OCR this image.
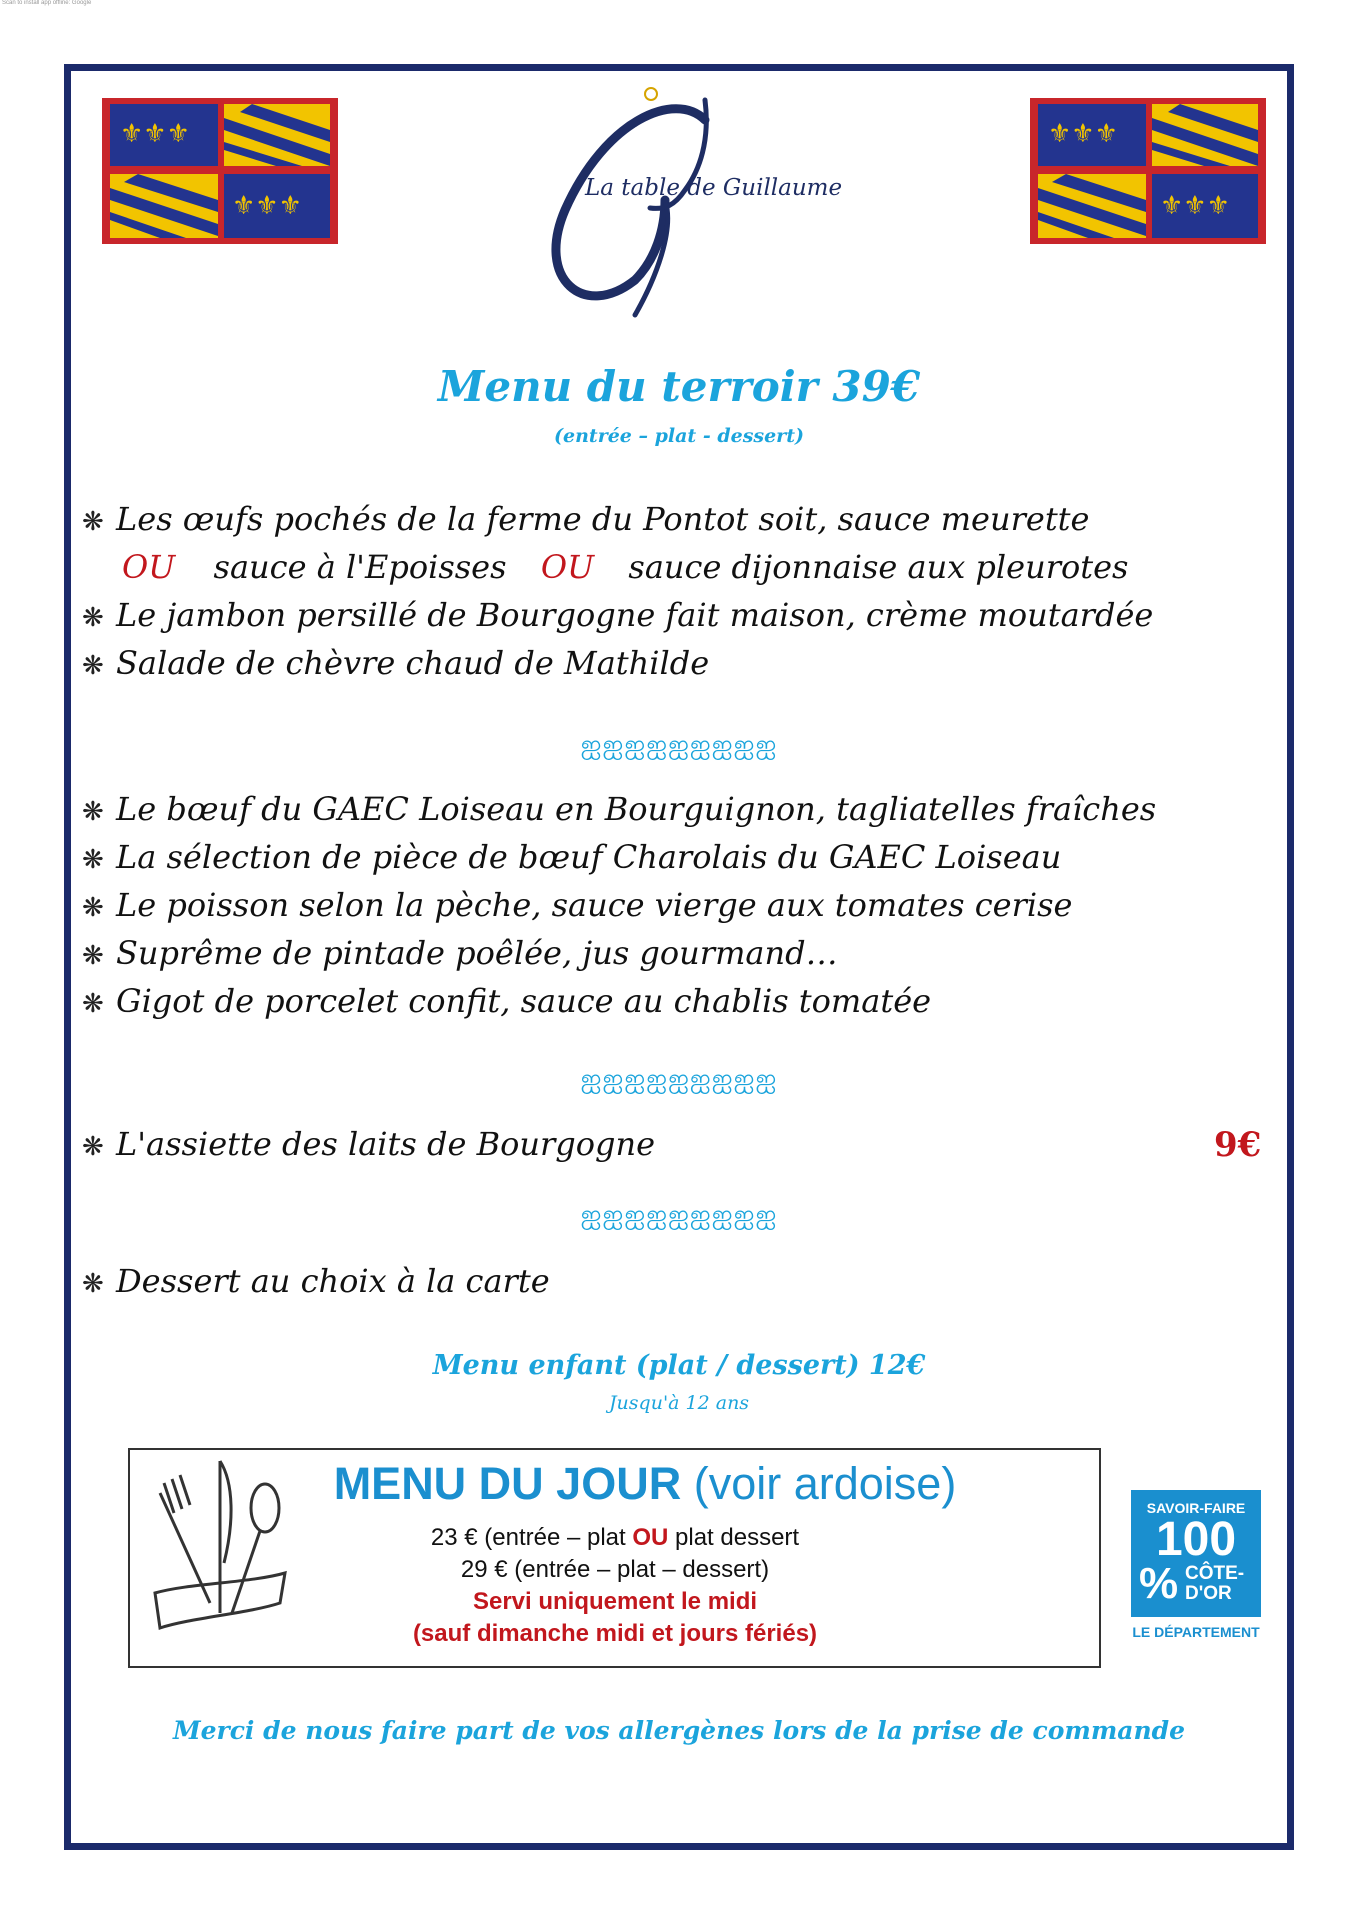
Scan to install app offline: Google
⚜⚜⚜
⚜⚜⚜
⚜⚜⚜
⚜⚜⚜
La table de Guillaume
Menu du terroir 39€
(entrée – plat - dessert)
❋ Les œufs pochés de la ferme du Pontot soit, sauce meurette
OU sauce à l'Epoisses OU sauce dijonnaise aux pleurotes
❋ Le jambon persillé de Bourgogne fait maison, crème moutardée
❋ Salade de chèvre chaud de Mathilde
ஐஐஐஐஐஐஐஐஐ
❋ Le bœuf du GAEC Loiseau en Bourguignon, tagliatelles fraîches
❋ La sélection de pièce de bœuf Charolais du GAEC Loiseau
❋ Le poisson selon la pèche, sauce vierge aux tomates cerise
❋ Suprême de pintade poêlée, jus gourmand…
❋ Gigot de porcelet confit, sauce au chablis tomatée
ஐஐஐஐஐஐஐஐஐ
❋ L'assiette des laits de Bourgogne	9€
ஐஐஐஐஐஐஐஐஐ
❋ Dessert au choix à la carte
Menu enfant (plat / dessert) 12€
Jusqu'à 12 ans
MENU DU JOUR (voir ardoise)
23 € (entrée – plat OU plat dessert
29 € (entrée – plat – dessert)
Servi uniquement le midi
(sauf dimanche midi et jours fériés)
SAVOIR-FAIRE
100
% CÔTE-
D'OR
LE DÉPARTEMENT
Merci de nous faire part de vos allergènes lors de la prise de commande
